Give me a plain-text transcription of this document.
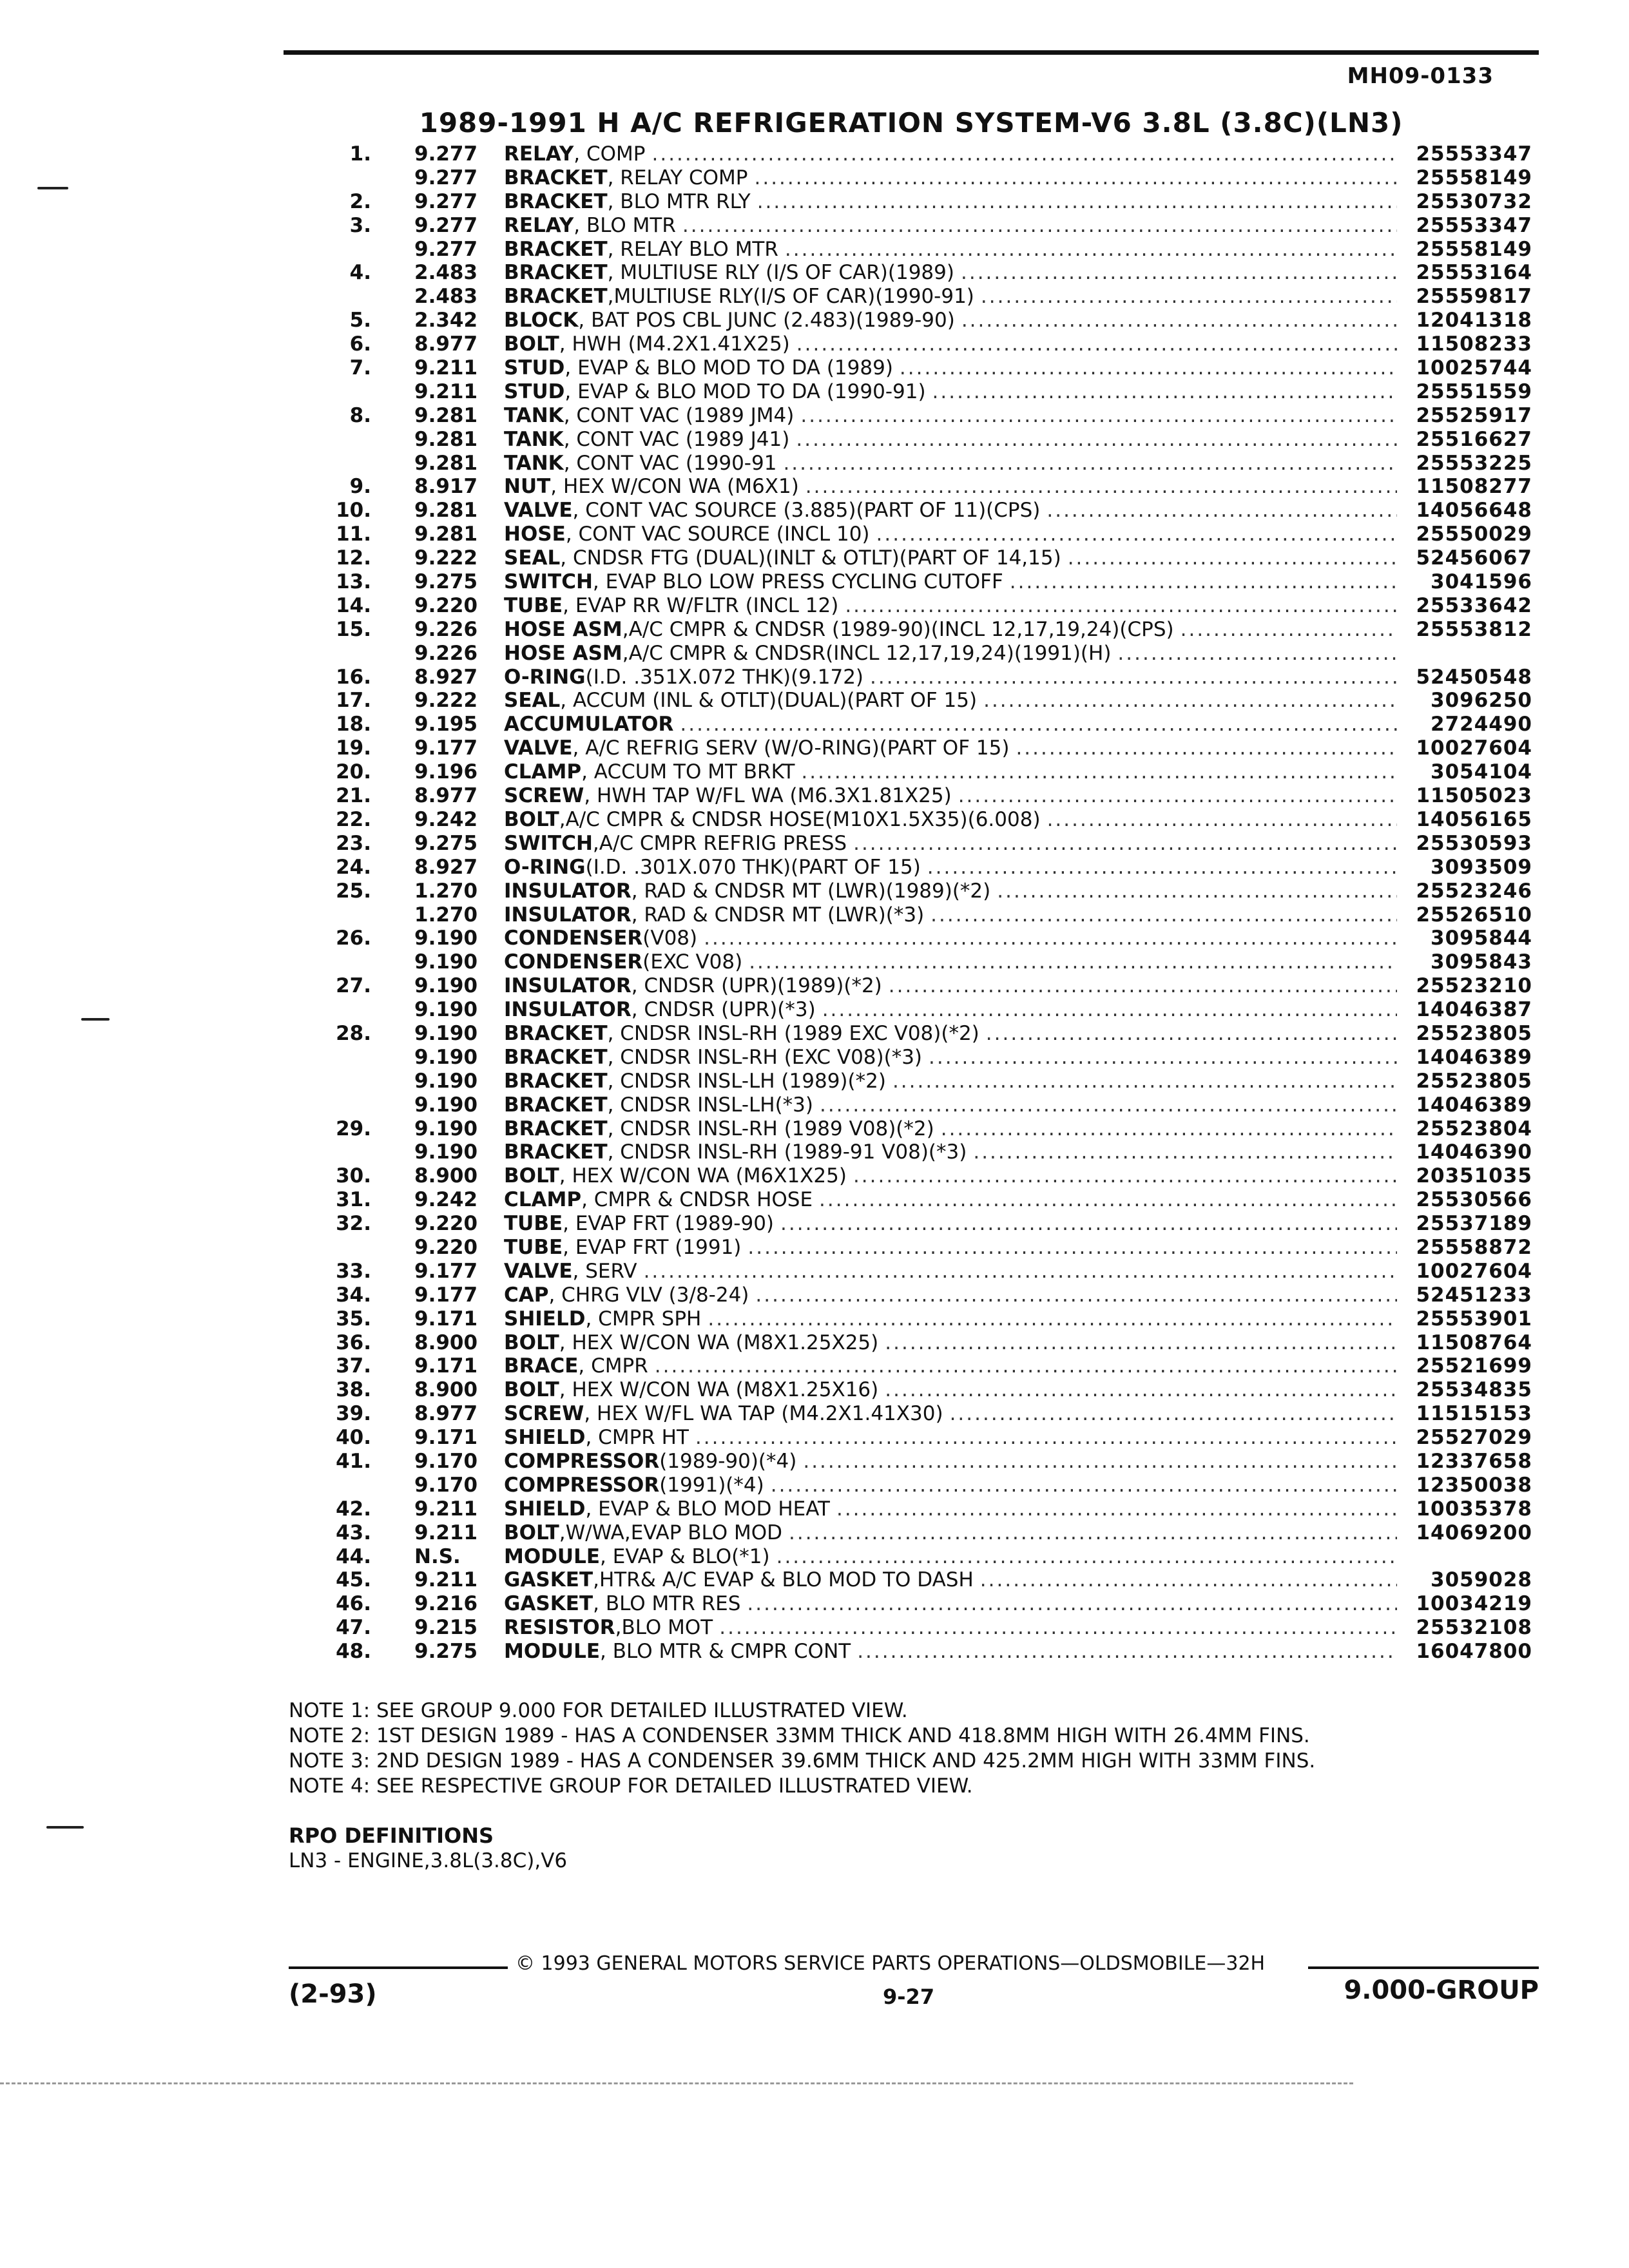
MH09-0133
1989-1991 H A/C REFRIGERATION SYSTEM-V6 3.8L (3.8C)(LN3)
1. 9.277	RELAY , COMP .....	25553347
9.277	BRACKET , RELAY COMP .....	25558149
2. 9.277	BRACKET , BLO MTR RLY .....	25530732
3. 9.277	RELAY , BLO MTR .....	25553347
9.277	BRACKET , RELAY BLO MTR .....	25558149
4. 2.483	BRACKET , MULTIUSE RLY (I/S OF CAR)(1989) .....	25553164
2.483	BRACKET ,MULTIUSE RLY(I/S OF CAR)(1990-91) .....	25559817
5. 2.342	BLOCK , BAT POS CBL JUNC (2.483)(1989-90) .....	12041318
6. 8.977	BOLT , HWH (M4.2X1.41X25) .....	11508233
7. 9.211	STUD , EVAP & BLO MOD TO DA (1989) .....	10025744
9.211	STUD , EVAP & BLO MOD TO DA (1990-91) .....	25551559
8. 9.281	TANK , CONT VAC (1989 JM4) .....	25525917
9.281	TANK , CONT VAC (1989 J41) .....	25516627
9.281	TANK , CONT VAC (1990-91 .....	25553225
9. 8.917	NUT , HEX W/CON WA (M6X1) .....	11508277
10. 9.281	VALVE , CONT VAC SOURCE (3.885)(PART OF 11)(CPS) .....	14056648
11. 9.281	HOSE , CONT VAC SOURCE (INCL 10) .....	25550029
12. 9.222	SEAL , CNDSR FTG (DUAL)(INLT & OTLT)(PART OF 14,15) .....	52456067
13. 9.275	SWITCH , EVAP BLO LOW PRESS CYCLING CUTOFF .....	3041596
14. 9.220	TUBE , EVAP RR W/FLTR (INCL 12) .....	25533642
15. 9.226	HOSE ASM ,A/C CMPR & CNDSR (1989-90)(INCL 12,17,19,24)(CPS) .....	25553812
9.226	HOSE ASM ,A/C CMPR & CNDSR(INCL 12,17,19,24)(1991)(H)
.....
16. 8.927	O-RING (I.D. .351X.072 THK)(9.172) .....	52450548
17. 9.222	SEAL , ACCUM (INL & OTLT)(DUAL)(PART OF 15) .....	3096250
18. 9.195	ACCUMULATOR .....	2724490
19. 9.177	VALVE , A/C REFRIG SERV (W/O-RING)(PART OF 15) .....	10027604
20. 9.196	CLAMP , ACCUM TO MT BRKT .....	3054104
21. 8.977	SCREW , HWH TAP W/FL WA (M6.3X1.81X25) .....	11505023
22. 9.242	BOLT ,A/C CMPR & CNDSR HOSE(M10X1.5X35)(6.008) .....	14056165
23. 9.275	SWITCH ,A/C CMPR REFRIG PRESS .....	25530593
24. 8.927	O-RING (I.D. .301X.070 THK)(PART OF 15) .....	3093509
25. 1.270	INSULATOR , RAD & CNDSR MT (LWR)(1989)(*2) .....	25523246
1.270	INSULATOR , RAD & CNDSR MT (LWR)(*3) .....	25526510
26. 9.190	CONDENSER (V08) .....	3095844
9.190	CONDENSER (EXC V08) .....	3095843
27. 9.190	INSULATOR , CNDSR (UPR)(1989)(*2) .....	25523210
9.190	INSULATOR , CNDSR (UPR)(*3) .....	14046387
28. 9.190	BRACKET , CNDSR INSL-RH (1989 EXC V08)(*2) .....	25523805
9.190	BRACKET , CNDSR INSL-RH (EXC V08)(*3) .....	14046389
9.190	BRACKET , CNDSR INSL-LH (1989)(*2) .....	25523805
9.190	BRACKET , CNDSR INSL-LH(*3) .....	14046389
29. 9.190	BRACKET , CNDSR INSL-RH (1989 V08)(*2) .....	25523804
9.190	BRACKET , CNDSR INSL-RH (1989-91 V08)(*3) .....	14046390
30. 8.900	BOLT , HEX W/CON WA (M6X1X25) .....	20351035
31. 9.242	CLAMP , CMPR & CNDSR HOSE .....	25530566
32. 9.220	TUBE , EVAP FRT (1989-90) .....	25537189
9.220	TUBE , EVAP FRT (1991) .....	25558872
33. 9.177	VALVE , SERV .....	10027604
34. 9.177	CAP , CHRG VLV (3/8-24) .....	52451233
35. 9.171	SHIELD , CMPR SPH .....	25553901
36. 8.900	BOLT , HEX W/CON WA (M8X1.25X25) .....	11508764
37. 9.171	BRACE , CMPR .....	25521699
38. 8.900	BOLT , HEX W/CON WA (M8X1.25X16) .....	25534835
39. 8.977	SCREW , HEX W/FL WA TAP (M4.2X1.41X30) .....	11515153
40. 9.171	SHIELD , CMPR HT .....	25527029
41. 9.170	COMPRESSOR (1989-90)(*4) .....	12337658
9.170	COMPRESSOR (1991)(*4) .....	12350038
42. 9.211	SHIELD , EVAP & BLO MOD HEAT .....	10035378
43. 9.211	BOLT ,W/WA,EVAP BLO MOD .....	14069200
44. N.S.	MODULE , EVAP & BLO(*1)
.....
45. 9.211	GASKET ,HTR& A/C EVAP & BLO MOD TO DASH .....	3059028
46. 9.216	GASKET , BLO MTR RES .....	10034219
47. 9.215	RESISTOR ,BLO MOT .....	25532108
48. 9.275	MODULE , BLO MTR & CMPR CONT .....	16047800
NOTE 1: SEE GROUP 9.000 FOR DETAILED ILLUSTRATED VIEW.
NOTE 2: 1ST DESIGN 1989 - HAS A CONDENSER 33MM THICK AND 418.8MM HIGH WITH 26.4MM FINS.
NOTE 3: 2ND DESIGN 1989 - HAS A CONDENSER 39.6MM THICK AND 425.2MM HIGH WITH 33MM FINS.
NOTE 4: SEE RESPECTIVE GROUP FOR DETAILED ILLUSTRATED VIEW.
RPO DEFINITIONS
LN3 - ENGINE,3.8L(3.8C),V6
© 1993 GENERAL MOTORS SERVICE PARTS OPERATIONS—OLDSMOBILE—32H
(2-93)	9-27	9.000-GROUP
